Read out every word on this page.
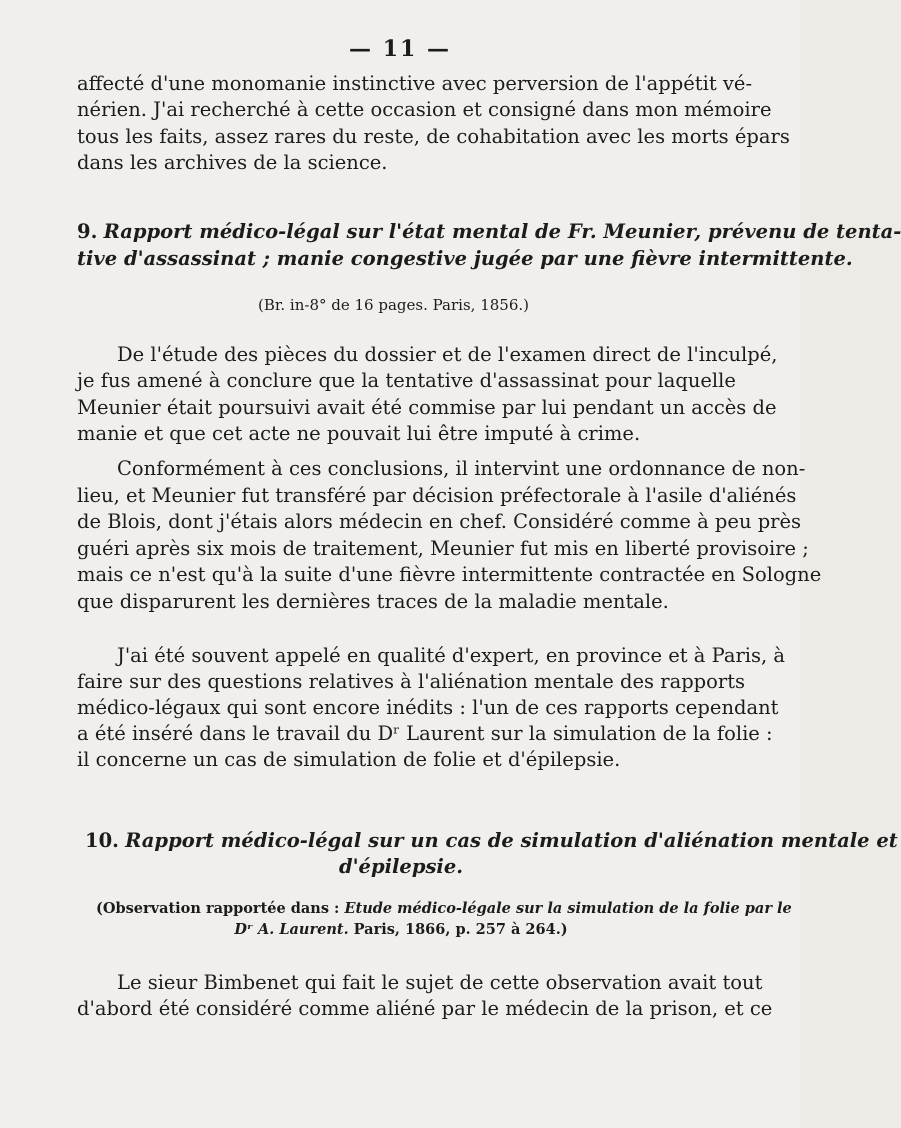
— 11 —
affecté d'une monomanie instinctive avec perversion de l'appétit vé-
nérien. J'ai recherché à cette occasion et consigné dans mon mémoire
tous les faits, assez rares du reste, de cohabitation avec les morts épars
dans les archives de la science.
9. Rapport médico-légal sur l'état mental de Fr. Meunier, prévenu de tenta-
tive d'assassinat ; manie congestive jugée par une fièvre intermittente.
(Br. in-8° de 16 pages. Paris, 1856.)
De l'étude des pièces du dossier et de l'examen direct de l'inculpé,
je fus amené à conclure que la tentative d'assassinat pour laquelle
Meunier était poursuivi avait été commise par lui pendant un accès de
manie et que cet acte ne pouvait lui être imputé à crime.
Conformément à ces conclusions, il intervint une ordonnance de non-
lieu, et Meunier fut transféré par décision préfectorale à l'asile d'aliénés
de Blois, dont j'étais alors médecin en chef. Considéré comme à peu près
guéri après six mois de traitement, Meunier fut mis en liberté provisoire ;
mais ce n'est qu'à la suite d'une fièvre intermittente contractée en Sologne
que disparurent les dernières traces de la maladie mentale.
J'ai été souvent appelé en qualité d'expert, en province et à Paris, à
faire sur des questions relatives à l'aliénation mentale des rapports
médico-légaux qui sont encore inédits : l'un de ces rapports cependant
a été inséré dans le travail du Dʳ Laurent sur la simulation de la folie :
il concerne un cas de simulation de folie et d'épilepsie.
10. Rapport médico-légal sur un cas de simulation d'aliénation mentale et
d'épilepsie.
(Observation rapportée dans : Etude médico-légale sur la simulation de la folie par le
Dʳ A. Laurent. Paris, 1866, p. 257 à 264.)
Le sieur Bimbenet qui fait le sujet de cette observation avait tout
d'abord été considéré comme aliéné par le médecin de la prison, et ce
